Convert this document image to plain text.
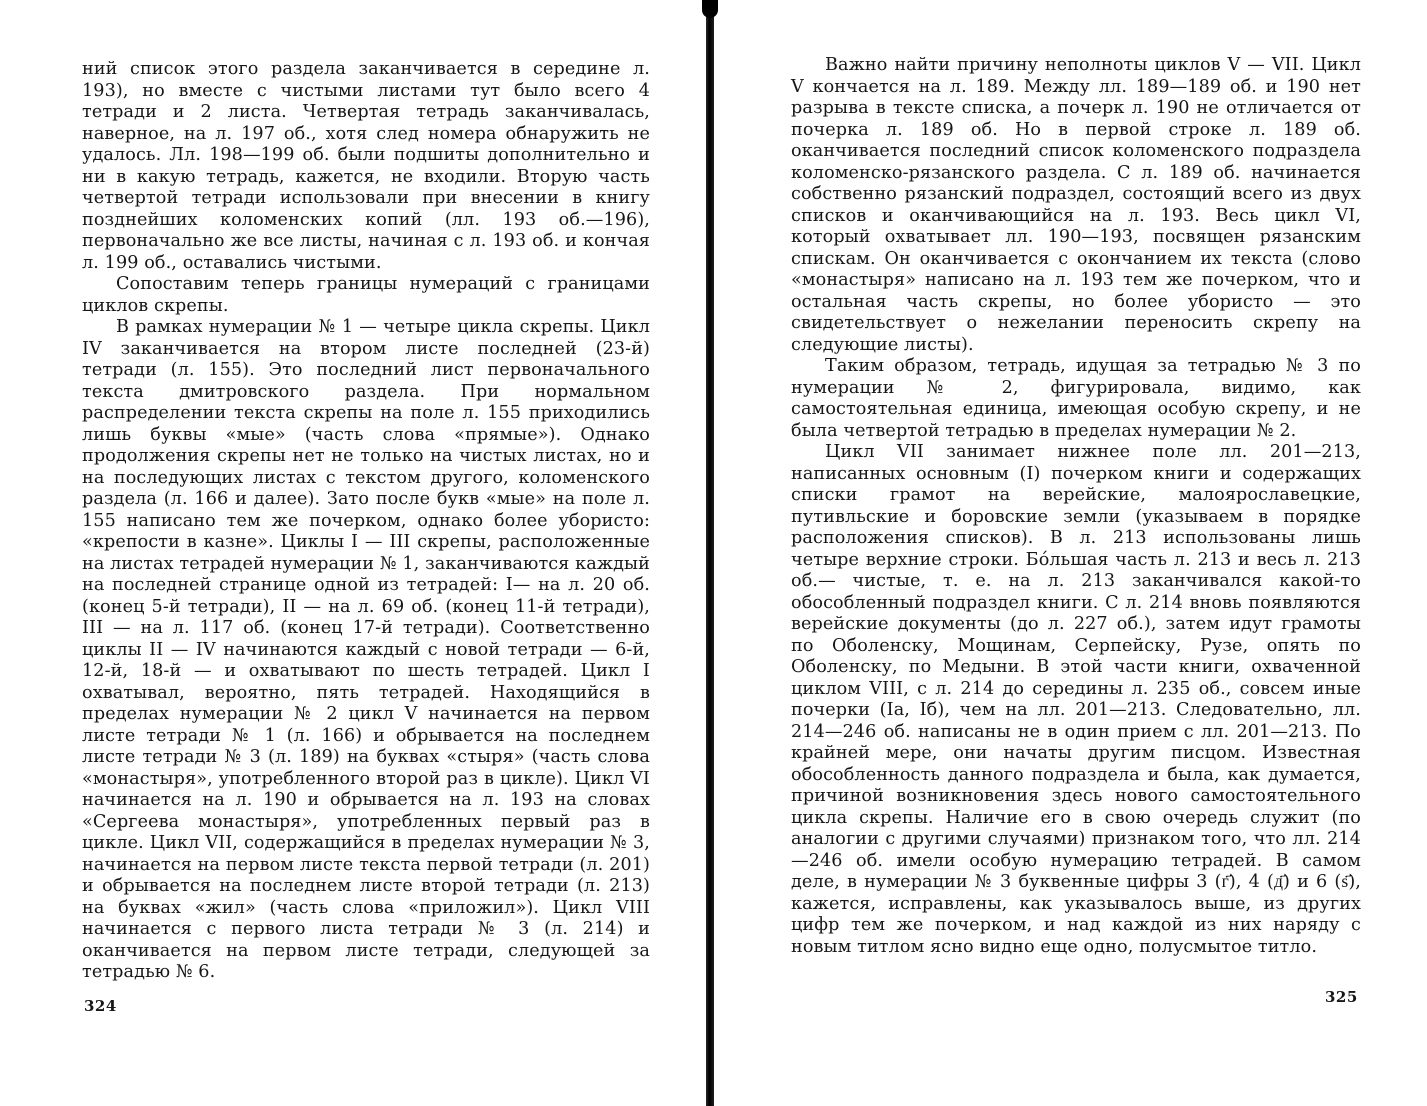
ний список этого раздела заканчивается в середине л. 193), но вместе с чистыми листами тут было всего 4 тетради и 2 листа. Четвертая тетрадь заканчивалась, наверное, на л. 197 об., хотя след номера обнаружить не удалось. Лл. 198—199 об. были подшиты дополнительно и ни в какую тетрадь, кажется, не входили. Вторую часть четвертой тетради использовали при внесении в книгу позднейших коломенских копий (лл. 193 об.—196), первоначально же все листы, начиная с л. 193 об. и кончая л. 199 об., оставались чистыми.

Сопоставим теперь границы нумераций с границами циклов скрепы.

В рамках нумерации № 1 — четыре цикла скрепы. Цикл IV заканчивается на втором листе последней (23-й) тетради (л. 155). Это последний лист первоначального текста дмитровского раздела. При нормальном распределении текста скрепы на поле л. 155 приходились лишь буквы «мые» (часть слова «прямые»). Однако продолжения скрепы нет не только на чистых листах, но и на последующих листах с текстом другого, коломенского раздела (л. 166 и далее). Зато после букв «мые» на поле л. 155 написано тем же почерком, однако более убористо: «крепости в казне». Циклы I — III скрепы, расположенные на листах тетрадей нумерации № 1, заканчиваются каждый на последней странице одной из тетрадей: I— на л. 20 об. (конец 5-й тетради), II — на л. 69 об. (конец 11-й тетради), III — на л. 117 об. (конец 17-й тетради). Соответственно циклы II — IV начинаются каждый с новой тетради — 6-й, 12-й, 18-й — и охватывают по шесть тетрадей. Цикл I охватывал, вероятно, пять тетрадей. Находящийся в пределах нумерации № 2 цикл V начинается на первом листе тетради № 1 (л. 166) и обрывается на последнем листе тетради № 3 (л. 189) на буквах «стыря» (часть слова «монастыря», употребленного второй раз в цикле). Цикл VI начинается на л. 190 и обрывается на л. 193 на словах «Сергеева монастыря», употребленных первый раз в цикле. Цикл VII, содержащийся в пределах нумерации № 3, начинается на первом листе текста первой тетради (л. 201) и обрывается на последнем листе второй тетради (л. 213) на буквах «жил» (часть слова «приложил»). Цикл VIII начинается с первого листа тетради № 3 (л. 214) и оканчивается на первом листе тетради, следующей за тетрадью № 6.

324

Важно найти причину неполноты циклов V — VII. Цикл V кончается на л. 189. Между лл. 189—189 об. и 190 нет разрыва в тексте списка, а почерк л. 190 не отличается от почерка л. 189 об. Но в первой строке л. 189 об. оканчивается последний список коломенского подраздела коломенско-рязанского раздела. С л. 189 об. начинается собственно рязанский подраздел, состоящий всего из двух списков и оканчивающийся на л. 193. Весь цикл VI, который охватывает лл. 190—193, посвящен рязанским спискам. Он оканчивается с окончанием их текста (слово «монастыря» написано на л. 193 тем же почерком, что и остальная часть скрепы, но более убористо — это свидетельствует о нежелании переносить скрепу на следующие листы).

Таким образом, тетрадь, идущая за тетрадью № 3 по нумерации № 2, фигурировала, видимо, как самостоятельная единица, имеющая особую скрепу, и не была четвертой тетрадью в пределах нумерации № 2.

Цикл VII занимает нижнее поле лл. 201—213, написанных основным (I) почерком книги и содержащих списки грамот на верейские, малоярославецкие, путивльские и боровские земли (указываем в порядке расположения списков). В л. 213 использованы лишь четыре верхние строки. Бо́льшая часть л. 213 и весь л. 213 об.— чистые, т. е. на л. 213 заканчивался какой-то обособленный подраздел книги. С л. 214 вновь появляются верейские документы (до л. 227 об.), затем идут грамоты по Оболенску, Мощинам, Серпейску, Рузе, опять по Оболенску, по Медыни. В этой части книги, охваченной циклом VIII, с л. 214 до середины л. 235 об., совсем иные почерки (Iа, Iб), чем на лл. 201—213. Следовательно, лл. 214—246 об. написаны не в один прием с лл. 201—213. По крайней мере, они начаты другим писцом. Известная обособленность данного подраздела и была, как думается, причиной возникновения здесь нового самостоятельного цикла скрепы. Наличие его в свою очередь служит (по аналогии с другими случаями) признаком того, что лл. 214—246 об. имели особую нумерацию тетрадей. В самом деле, в нумерации № 3 буквенные цифры 3 (г҃), 4 (д҃) и 6 (ѕ҃), кажется, исправлены, как указывалось выше, из других цифр тем же почерком, и над каждой из них наряду с новым титлом ясно видно еще одно, полусмытое титло.

325
